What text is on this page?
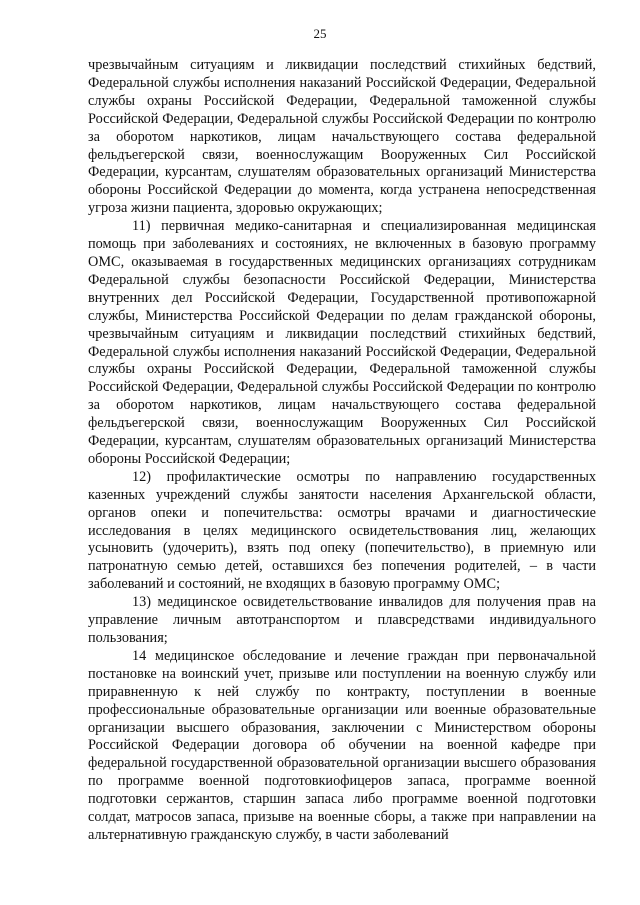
25

чрезвычайным ситуациям и ликвидации последствий стихийных бедствий, Федеральной службы исполнения наказаний Российской Федерации, Федеральной службы охраны Российской Федерации, Федеральной таможенной службы Российской Федерации, Федеральной службы Российской Федерации по контролю за оборотом наркотиков, лицам начальствующего состава федеральной фельдъегерской связи, военнослужащим Вооруженных Сил Российской Федерации, курсантам, слушателям образовательных организаций Министерства обороны Российской Федерации до момента, когда устранена непосредственная угроза жизни пациента, здоровью окружающих;

11) первичная медико-санитарная и специализированная медицинская помощь при заболеваниях и состояниях, не включенных в базовую программу ОМС, оказываемая в государственных медицинских организациях сотрудникам Федеральной службы безопасности Российской Федерации, Министерства внутренних дел Российской Федерации, Государственной противопожарной службы, Министерства Российской Федерации по делам гражданской обороны, чрезвычайным ситуациям и ликвидации последствий стихийных бедствий, Федеральной службы исполнения наказаний Российской Федерации, Федеральной службы охраны Российской Федерации, Федеральной таможенной службы Российской Федерации, Федеральной службы Российской Федерации по контролю за оборотом наркотиков, лицам начальствующего состава федеральной фельдъегерской связи, военнослужащим Вооруженных Сил Российской Федерации, курсантам, слушателям образовательных организаций Министерства обороны Российской Федерации;

12) профилактические осмотры по направлению государственных казенных учреждений службы занятости населения Архангельской области, органов опеки и попечительства: осмотры врачами и диагностические исследования в целях медицинского освидетельствования лиц, желающих усыновить (удочерить), взять под опеку (попечительство), в приемную или патронатную семью детей, оставшихся без попечения родителей, – в части заболеваний и состояний, не входящих в базовую программу ОМС;

13) медицинское освидетельствование инвалидов для получения прав на управление личным автотранспортом и плавсредствами индивидуального пользования;

14 медицинское обследование и лечение граждан при первоначальной постановке на воинский учет, призыве или поступлении на военную службу или приравненную к ней службу по контракту, поступлении в военные профессиональные образовательные организации или военные образовательные организации высшего образования, заключении с Министерством обороны Российской Федерации договора об обучении на военной кафедре при федеральной государственной образовательной организации высшего образования по программе военной подготовкиофицеров запаса, программе военной подготовки сержантов, старшин запаса либо программе военной подготовки солдат, матросов запаса, призыве на военные сборы, а также при направлении на альтернативную гражданскую службу, в части заболеваний
